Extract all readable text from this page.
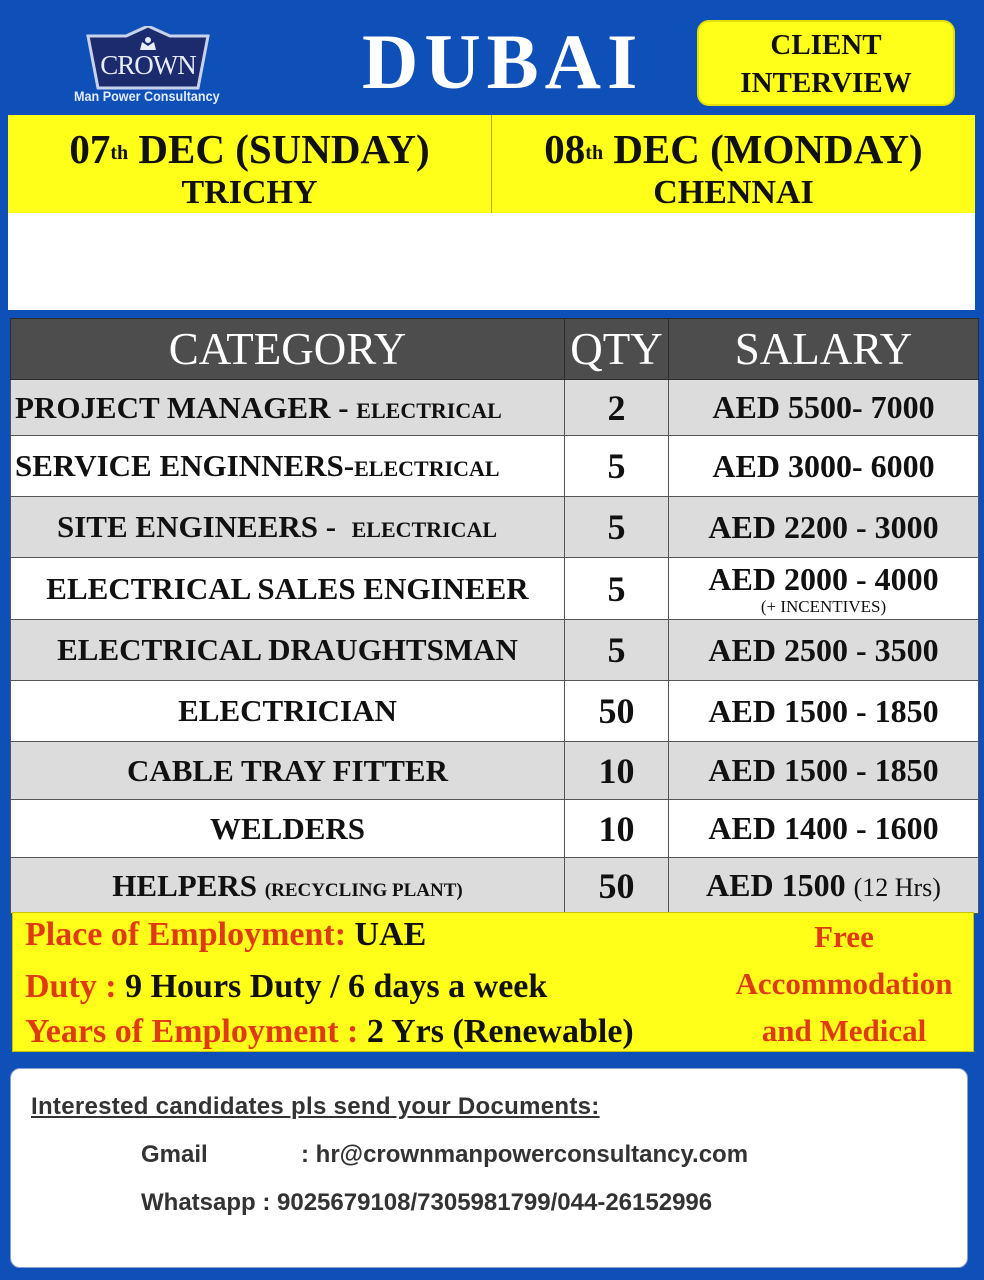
CROWN
Man Power Consultancy DUBAI	CLIENT
INTERVIEW
07th DEC (SUNDAY)
TRICHY
08th DEC (MONDAY)
CHENNAI
CATEGORY	QTY	SALARY
PROJECT MANAGER - ELECTRICAL	2	AED 5500- 7000
SERVICE ENGINNERS-ELECTRICAL	5	AED 3000- 6000
SITE ENGINEERS -  ELECTRICAL	5	AED 2200 - 3000
ELECTRICAL SALES ENGINEER	5	AED 2000 - 4000
(+ INCENTIVES)

ELECTRICAL DRAUGHTSMAN	5	AED 2500 - 3500
ELECTRICIAN	50	AED 1500 - 1850
CABLE TRAY FITTER	10	AED 1500 - 1850
WELDERS	10	AED 1400 - 1600
HELPERS (RECYCLING PLANT)	50	AED 1500 (12 Hrs)
Place of Employment: UAE
Duty : 9 Hours Duty / 6 days a week
Years of Employment : 2 Yrs (Renewable)
Free
Accommodation
and Medical
Interested candidates pls send your Documents:
Gmail	: hr@crownmanpowerconsultancy.com
Whatsapp : 9025679108/7305981799/044-26152996
